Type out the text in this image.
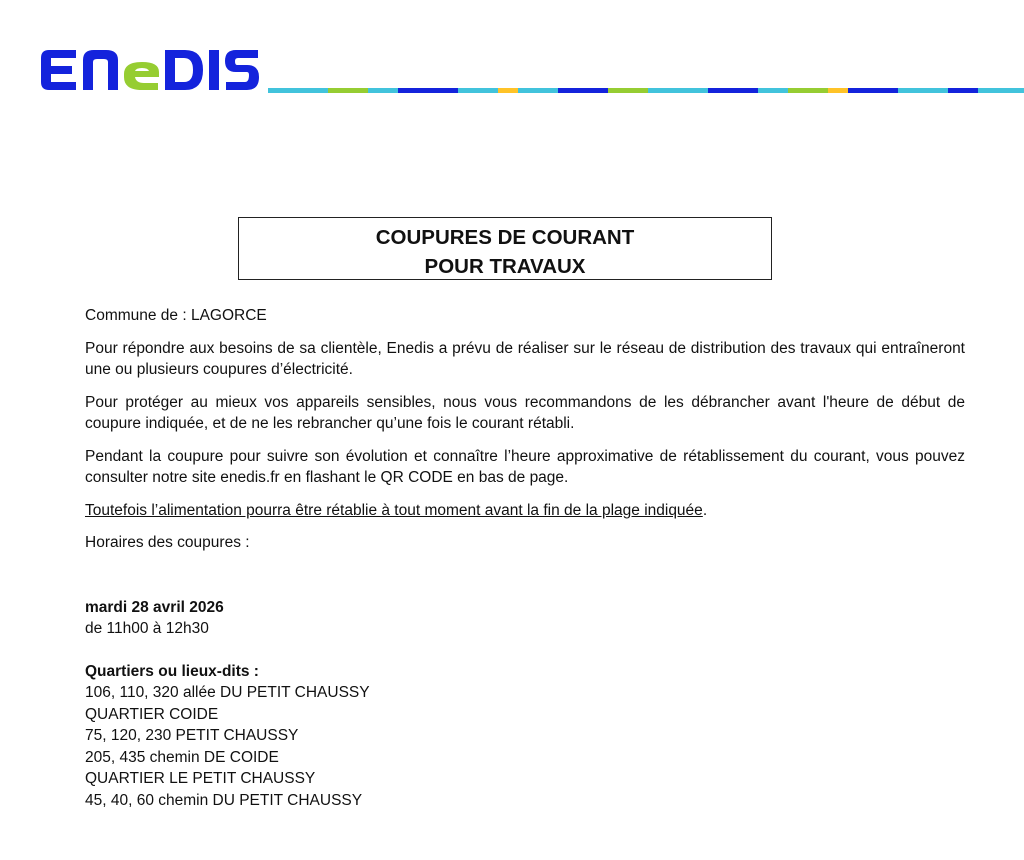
COUPURES DE COURANT
POUR TRAVAUX

Commune de : LAGORCE

Pour répondre aux besoins de sa clientèle, Enedis a prévu de réaliser sur le réseau de distribution des travaux qui entraîneront une ou plusieurs coupures d’électricité.

Pour protéger au mieux vos appareils sensibles, nous vous recommandons de les débrancher avant l'heure de début de coupure indiquée, et de ne les rebrancher qu’une fois le courant rétabli.

Pendant la coupure pour suivre son évolution et connaître l’heure approximative de rétablissement du courant, vous pouvez consulter notre site enedis.fr en flashant le QR CODE en bas de page.

Toutefois l’alimentation pourra être rétablie à tout moment avant la fin de la plage indiquée.

Horaires des coupures :

mardi 28 avril 2026
de 11h00 à 12h30
Quartiers ou lieux-dits :
106, 110, 320 allée DU PETIT CHAUSSY
QUARTIER COIDE
75, 120, 230 PETIT CHAUSSY
205, 435 chemin DE COIDE
QUARTIER LE PETIT CHAUSSY
45, 40, 60 chemin DU PETIT CHAUSSY
